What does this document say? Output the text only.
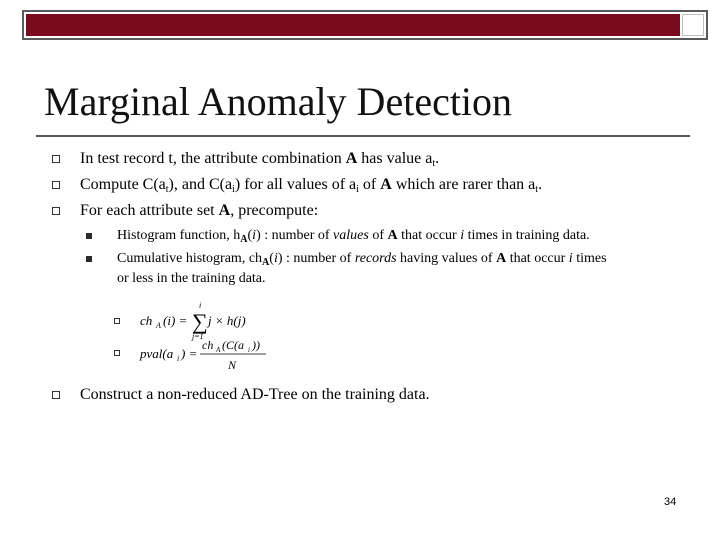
Marginal Anomaly Detection
In test record t, the attribute combination A has value $a_t$.
Compute $C(a_t)$, and $C(a_i)$ for all values of $a_i$ of A which are rarer than $a_t$.
For each attribute set A, precompute:
Histogram function, $h_A(i)$ : number of values of A that occur i times in training data.
Cumulative histogram, $ch_A(i)$ : number of records having values of A that occur i times
or less in the training data.
ch A (i) =
i
∑
j=1
j × h(j)
pval(a i ) =
ch A (C(a i ))
N
Construct a non-reduced AD-Tree on the training data.
34
